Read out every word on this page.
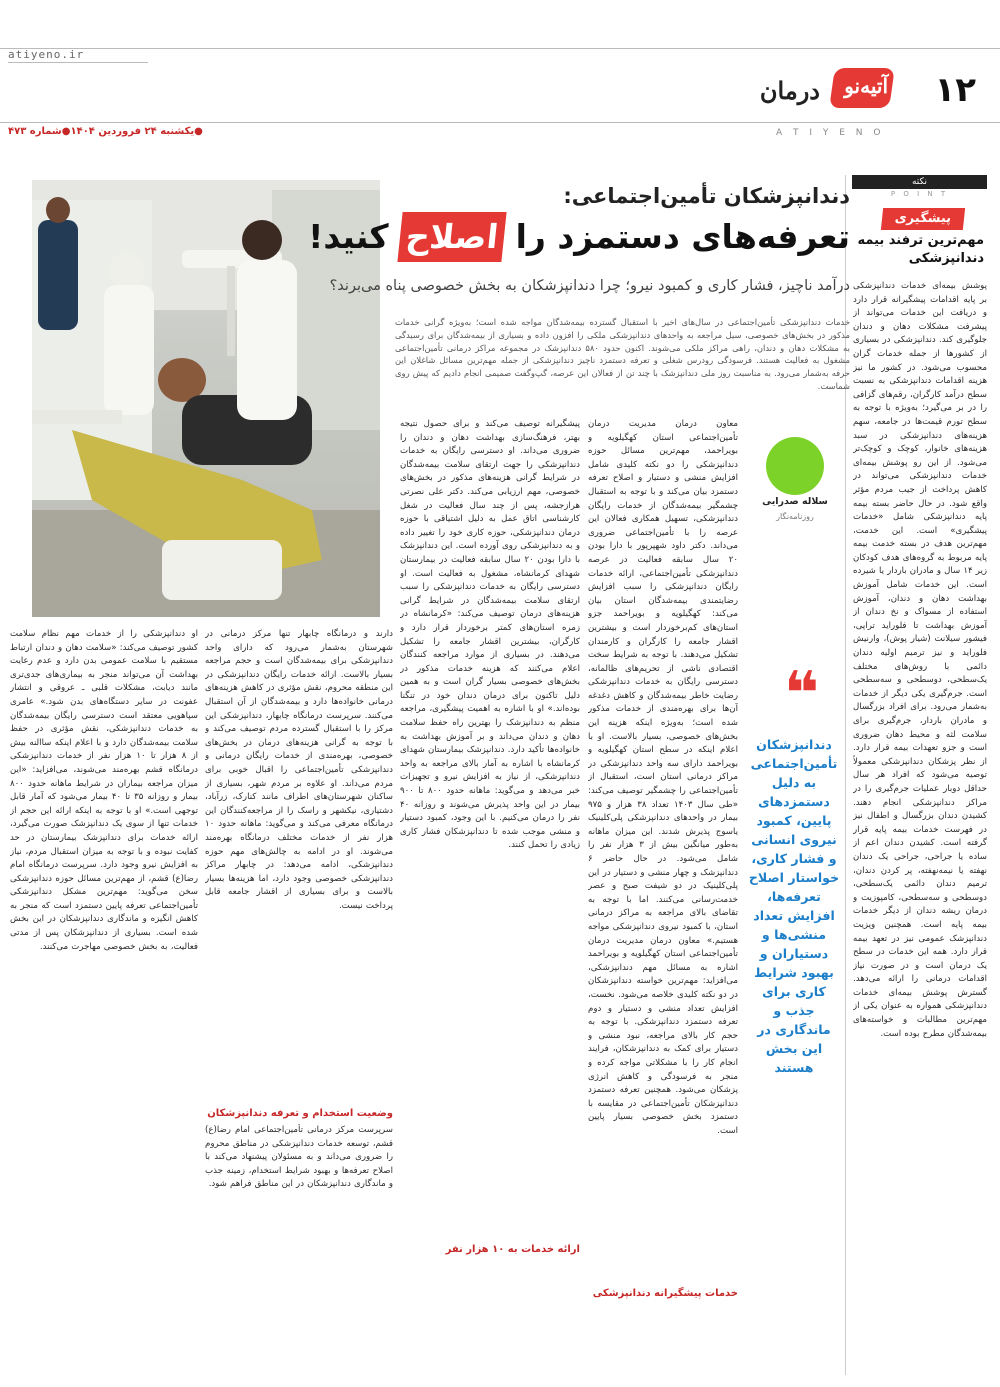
atiyeno.ir
۱۲
آتیه‌نو
درمان
A T I Y E N O
●یکشنبه ۲۴ فروردین ۱۴۰۴●شماره ۴۷۳
نکته
P O I N T
پیشگیری
مهم‌ترین ترفند بیمه دندانپزشکی
پوشش بیمه‌ای خدمات دندانپزشکی بر پایه اقدامات پیشگیرانه قرار دارد و دریافت این خدمات می‌تواند از پیشرفت مشکلات دهان و دندان جلوگیری کند. دندانپزشکی در بسیاری از کشورها از جمله خدمات گران محسوب می‌شود. در کشور ما نیز هزینه اقدامات دندانپزشکی به نسبت سطح درآمد کارگران، رقم‌های گزافی را در بر می‌گیرد؛ به‌ویژه با توجه به سطح تورم قیمت‌ها در جامعه، سهم هزینه‌های دندانپزشکی در سبد هزینه‌های خانوار، کوچک و کوچک‌تر می‌شود. از این رو پوشش بیمه‌ای خدمات دندانپزشکی می‌تواند در کاهش پرداخت از جیب مردم مؤثر واقع شود. در حال حاضر بسته بیمه پایه دندانپزشکی شامل «خدمات پیشگیری» است. این خدمت، مهم‌ترین هدف در بسته خدمت بیمه پایه مربوط به گروه‌های هدف کودکان زیر ۱۴ سال و مادران باردار یا شیرده است. این خدمات شامل آموزش بهداشت دهان و دندان، آموزش استفاده از مسواک و نخ دندان از آموزش بهداشت تا فلوراید تراپی، فیشور سیلانت (شیار پوش)، وارنیش فلوراید و نیز ترمیم اولیه دندان دائمی با روش‌های مختلف یک‌سطحی، دوسطحی و سه‌سطحی است. جرم‌گیری یکی دیگر از خدمات به‌شمار می‌رود. برای افراد بزرگسال و مادران باردار، جرم‌گیری برای سلامت لثه و محیط دهان ضروری است و جزو تعهدات بیمه قرار دارد. از نظر پزشکان دندانپزشکی معمولاً توصیه می‌شود که افراد هر سال حداقل دوبار عملیات جرم‌گیری را در مراکز دندانپزشکی انجام دهند. کشیدن دندان بزرگسال و اطفال نیز در فهرست خدمات بیمه پایه قرار گرفته است. کشیدن دندان اعم از ساده یا جراحی، جراحی یک دندان نهفته یا نیمه‌نهفته، پر کردن دندان، ترمیم دندان دائمی یک‌سطحی، دوسطحی و سه‌سطحی، کامپوزیت و درمان ریشه دندان از دیگر خدمات بیمه پایه است. همچنین ویزیت دندانپزشک عمومی نیز در تعهد بیمه قرار دارد. همه این خدمات در سطح یک درمان است و در صورت نیاز اقدامات درمانی را ارائه می‌دهد. گسترش پوشش بیمه‌ای خدمات دندانپزشکی همواره به عنوان یکی از مهم‌ترین مطالبات و خواسته‌های بیمه‌شدگان مطرح بوده است.
دندانپزشکان تأمین‌اجتماعی:
تعرفه‌های دستمزد را اصلاح کنید!
درآمد ناچیز، فشار کاری و کمبود نیرو؛ چرا دندانپزشکان به بخش خصوصی پناه می‌برند؟
خدمات دندانپزشکی تأمین‌اجتماعی در سال‌های اخیر با استقبال گسترده بیمه‌شدگان مواجه شده است؛ به‌ویژه گرانی خدمات مذکور در بخش‌های خصوصی، سیل مراجعه به واحدهای دندانپزشکی ملکی را افزون داده و بسیاری از بیمه‌شدگان برای رسیدگی به مشکلات دهان و دندان، راهی مراکز ملکی می‌شوند. اکنون حدود ۵۸۰ دندانپزشک در مجموعه مراکز درمانی تأمین‌اجتماعی مشغول به فعالیت هستند. فرسودگی رودرس شغلی و تعرفه دستمزد ناچیز دندانپزشکی از جمله مهم‌ترین مسائل شاغلان این حرفه به‌شمار می‌رود. به مناسبت روز ملی دندانپزشک با چند تن از فعالان این عرصه، گپ‌وگفت صمیمی انجام دادیم که پیش روی شماست.
سلاله صدرایی
روزنامه‌نگار
❝
دندانپزشکان تأمین‌اجتماعی به دلیل دستمزدهای پایین، کمبود نیروی انسانی و فشار کاری، خواستار اصلاح تعرفه‌ها، افزایش تعداد منشی‌ها و دستیاران و بهبود شرایط کاری برای جذب و ماندگاری در این بخش هستند
معاون درمان مدیریت درمان تأمین‌اجتماعی استان کهگیلویه و بویراحمد، مهم‌ترین مسائل حوزه دندانپزشکی را دو نکته کلیدی شامل افزایش منشی و دستیار و اصلاح تعرفه دستمزد بیان می‌کند و با توجه به استقبال چشمگیر بیمه‌شدگان از خدمات رایگان دندانپزشکی، تسهیل همکاری فعالان این عرصه را با تأمین‌اجتماعی ضروری می‌داند. دکتر داود شهپرپور با دارا بودن ۲۰ سال سابقه فعالیت در عرصه دندانپزشکی تأمین‌اجتماعی، ارائه خدمات رایگان دندانپزشکی را سبب افزایش رضایتمندی بیمه‌شدگان استان بیان می‌کند: کهگیلویه و بویراحمد جزو استان‌های کم‌برخوردار است و بیشترین اقشار جامعه را کارگران و کارمندان تشکیل می‌دهند. با توجه به شرایط سخت اقتصادی ناشی از تحریم‌های ظالمانه، دسترسی رایگان به خدمات دندانپزشکی رضایت خاطر بیمه‌شدگان و کاهش دغدغه آن‌ها برای بهره‌مندی از خدمات مذکور شده است؛ به‌ویژه اینکه هزینه این بخش‌های خصوصی، بسیار بالاست. او با اعلام اینکه در سطح استان کهگیلویه و بویراحمد دارای سه واحد دندانپزشکی در مراکز درمانی استان است، استقبال از تأمین‌اجتماعی را چشمگیر توصیف می‌کند: «طی سال ۱۴۰۳ تعداد ۳۸ هزار و ۹۷۵ بیمار در واحدهای دندانپزشکی پلی‌کلینیک یاسوج پذیرش شدند. این میزان ماهانه به‌طور میانگین بیش از ۳ هزار نفر را شامل می‌شود. در حال حاضر ۶ دندانپزشک و چهار منشی و دستیار در این پلی‌کلینیک در دو شیفت صبح و عصر خدمت‌رسانی می‌کنند. اما با توجه به تقاضای بالای مراجعه به مراکز درمانی استان، با کمبود نیروی دندانپزشکی مواجه هستیم.» معاون درمان مدیریت درمان تأمین‌اجتماعی استان کهگیلویه و بویراحمد اشاره به مسائل مهم دندانپزشکی، می‌افزاید: مهم‌ترین خواسته دندانپزشکان در دو نکته کلیدی خلاصه می‌شود. نخست، افزایش تعداد منشی و دستیار و دوم تعرفه دستمزد دندانپزشکی. با توجه به حجم کار بالای مراجعه، نبود منشی و دستیار برای کمک به دندانپزشکان، فرایند انجام کار را با مشکلاتی مواجه کرده و منجر به فرسودگی و کاهش انرژی پزشکان می‌شود. همچنین تعرفه دستمزد دندانپزشکان تأمین‌اجتماعی در مقایسه با دستمزد بخش خصوصی بسیار پایین است.
پیشگیرانه توصیف می‌کند و برای حصول نتیجه بهتر، فرهنگ‌سازی بهداشت دهان و دندان را ضروری می‌داند. او دسترسی رایگان به خدمات دندانپزشکی را جهت ارتقای سلامت بیمه‌شدگان در شرایط گرانی هزینه‌های مذکور در بخش‌های خصوصی، مهم ارزیابی می‌کند. دکتر علی نصرتی هرازجشه، پس از چند سال فعالیت در شغل کارشناسی اتاق عمل به دلیل اشتیاقی با حوزه درمان دندانپزشکی، حوزه کاری خود را تغییر داده و به دندانپزشکی روی آورده است. این دندانپزشک با دارا بودن ۲۰ سال سابقه فعالیت در بیمارستان شهدای کرمانشاه، مشغول به فعالیت است. او دسترسی رایگان به خدمات دندانپزشکی را سبب ارتقای سلامت بیمه‌شدگان در شرایط گرانی هزینه‌های درمان توصیف می‌کند: «کرمانشاه در زمره استان‌های کمتر برخوردار قرار دارد و کارگران، بیشترین اقشار جامعه را تشکیل می‌دهند. در بسیاری از موارد مراجعه کنندگان اعلام می‌کنند که هزینه خدمات مذکور در بخش‌های خصوصی بسیار گران است و به همین دلیل تاکنون برای درمان دندان خود در تنگنا بوده‌اند.» او با اشاره به اهمیت پیشگیری، مراجعه منظم به دندانپزشک را بهترین راه حفظ سلامت دهان و دندان می‌داند و بر آموزش بهداشت به خانواده‌ها تأکید دارد. دندانپزشک بیمارستان شهدای کرمانشاه با اشاره به آمار بالای مراجعه به واحد دندانپزشکی، از نیاز به افزایش نیرو و تجهیزات خبر می‌دهد و می‌گوید: ماهانه حدود ۸۰۰ تا ۹۰۰ بیمار در این واحد پذیرش می‌شوند و روزانه ۴۰ نفر را درمان می‌کنیم. با این وجود، کمبود دستیار و منشی موجب شده تا دندانپزشکان فشار کاری زیادی را تحمل کنند.
ارائه خدمات به ۱۰ هزار نفر
خدمات پیشگیرانه دندانپزشکی
دارند و درمانگاه چابهار تنها مرکز درمانی در شهرستان به‌شمار می‌رود که دارای واحد دندانپزشکی برای بیمه‌شدگان است و حجم مراجعه بسیار بالاست. ارائه خدمات رایگان دندانپزشکی در این منطقه محروم، نقش مؤثری در کاهش هزینه‌های درمانی خانواده‌ها دارد و بیمه‌شدگان از آن استقبال می‌کنند. سرپرست درمانگاه چابهار، دندانپزشکی این مرکز را با استقبال گسترده مردم توصیف می‌کند و با توجه به گرانی هزینه‌های درمان در بخش‌های خصوصی، بهره‌مندی از خدمات رایگان درمانی و دندانپزشکی تأمین‌اجتماعی را اقبال خوبی برای مردم می‌داند. او علاوه بر مردم شهر، بسیاری از ساکنان شهرستان‌های اطراف مانند کنارک، زرآباد، دشتیاری، نیکشهر و راسک را از مراجعه‌کنندگان این درمانگاه معرفی می‌کند و می‌گوید: ماهانه حدود ۱۰ هزار نفر از خدمات مختلف درمانگاه بهره‌مند می‌شوند. او در ادامه به چالش‌های مهم حوزه دندانپزشکی، ادامه می‌دهد: در چابهار مراکز دندانپزشکی خصوصی وجود دارد، اما هزینه‌ها بسیار بالاست و برای بسیاری از اقشار جامعه قابل پرداخت نیست.
وضعیت استخدام و تعرفه دندانپزشکان
سرپرست مرکز درمانی تأمین‌اجتماعی امام رضا(ع) قشم، توسعه خدمات دندانپزشکی در مناطق محروم را ضروری می‌داند و به مسئولان پیشنهاد می‌کند با اصلاح تعرفه‌ها و بهبود شرایط استخدام، زمینه جذب و ماندگاری دندانپزشکان در این مناطق فراهم شود.
او دندانپزشکی را از خدمات مهم نظام سلامت کشور توصیف می‌کند: «سلامت دهان و دندان ارتباط مستقیم با سلامت عمومی بدن دارد و عدم رعایت بهداشت آن می‌تواند منجر به بیماری‌های جدی‌تری مانند دیابت، مشکلات قلبی ـ عروقی و انتشار عفونت در سایر دستگاه‌های بدن شود.» عامری سپاهویی معتقد است دسترسی رایگان بیمه‌شدگان به خدمات دندانپزشکی، نقش مؤثری در حفظ سلامت بیمه‌شدگان دارد و با اعلام اینکه ساالنه بیش از ۸ هزار تا ۱۰ هزار نفر از خدمات دندانپزشکی درمانگاه قشم بهره‌مند می‌شوند، می‌افزاید: «این میزان مراجعه بیماران در شرایط ماهانه حدود ۸۰۰ بیمار و روزانه ۳۵ تا ۴۰ بیمار می‌شود که آمار قابل توجهی است.» او با توجه به اینکه ارائه این حجم از خدمات تنها از سوی یک دندانپزشک صورت می‌گیرد، ارائه خدمات برای دندانپزشک بیمارستان در حد کفایت نبوده و با توجه به میزان استقبال مردم، نیاز به افزایش نیرو وجود دارد. سرپرست درمانگاه امام رضا(ع) قشم، از مهم‌ترین مسائل حوزه دندانپزشکی سخن می‌گوید: مهم‌ترین مشکل دندانپزشکی تأمین‌اجتماعی تعرفه پایین دستمزد است که منجر به کاهش انگیزه و ماندگاری دندانپزشکان در این بخش شده است. بسیاری از دندانپزشکان پس از مدتی فعالیت، به بخش خصوصی مهاجرت می‌کنند.
